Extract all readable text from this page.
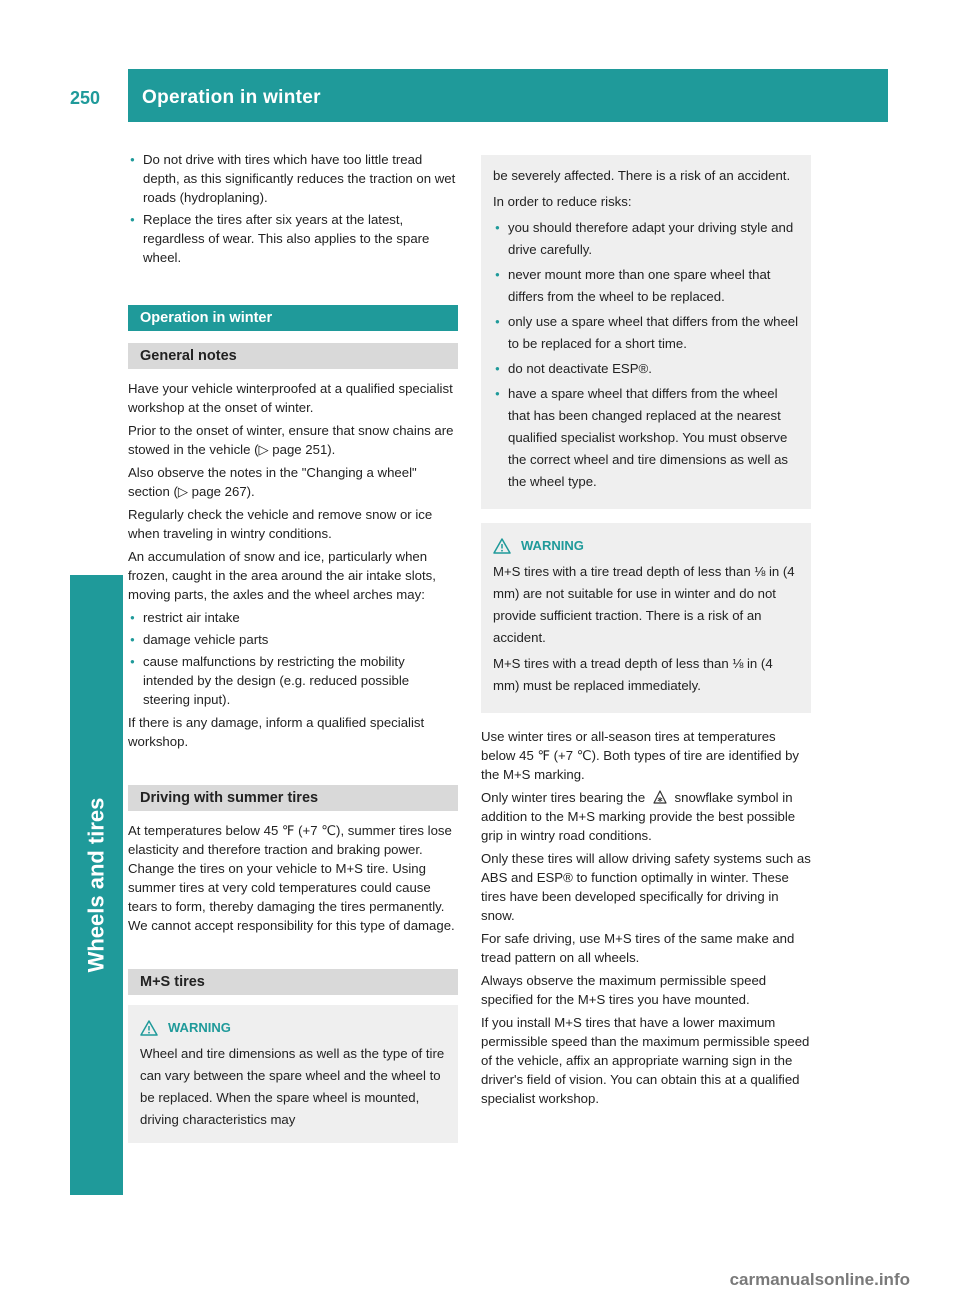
250 Operation in winter
Wheels and tires
● Do not drive with tires which have too little tread depth, as this significantly reduces the traction on wet roads (hydroplaning).
● Replace the tires after six years at the latest, regardless of wear. This also applies to the spare wheel.
Operation in winter
General notes

Have your vehicle winterproofed at a qualified specialist workshop at the onset of winter.

Prior to the onset of winter, ensure that snow chains are stowed in the vehicle (▷ page 251).

Also observe the notes in the "Changing a wheel" section (▷ page 267).

Regularly check the vehicle and remove snow or ice when traveling in wintry conditions.

An accumulation of snow and ice, particularly when frozen, caught in the area around the air intake slots, moving parts, the axles and the wheel arches may:

● restrict air intake
● damage vehicle parts
● cause malfunctions by restricting the mobility intended by the design (e.g. reduced possible steering input).

If there is any damage, inform a qualified specialist workshop.

Driving with summer tires

At temperatures below 45 ℉ (+7 ℃), summer tires lose elasticity and therefore traction and braking power. Change the tires on your vehicle to M+S tire. Using summer tires at very cold temperatures could cause tears to form, thereby damaging the tires permanently. We cannot accept responsibility for this type of damage.

M+S tires
WARNING
Wheel and tire dimensions as well as the type of tire can vary between the spare wheel and the wheel to be replaced. When the spare wheel is mounted, driving characteristics may

be severely affected. There is a risk of an accident.

In order to reduce risks:

● you should therefore adapt your driving style and drive carefully.
● never mount more than one spare wheel that differs from the wheel to be replaced.
● only use a spare wheel that differs from the wheel to be replaced for a short time.
● do not deactivate ESP®.
● have a spare wheel that differs from the wheel that has been changed replaced at the nearest qualified specialist workshop. You must observe the correct wheel and tire dimensions as well as the wheel type.
WARNING

M+S tires with a tire tread depth of less than ⅛ in (4 mm) are not suitable for use in winter and do not provide sufficient traction. There is a risk of an accident.

M+S tires with a tread depth of less than ⅛ in (4 mm) must be replaced immediately.

Use winter tires or all-season tires at temperatures below 45 ℉ (+7 ℃). Both types of tire are identified by the M+S marking.

Only winter tires bearing the snowflake symbol in addition to the M+S marking provide the best possible grip in wintry road conditions.

Only these tires will allow driving safety systems such as ABS and ESP® to function optimally in winter. These tires have been developed specifically for driving in snow.

For safe driving, use M+S tires of the same make and tread pattern on all wheels.

Always observe the maximum permissible speed specified for the M+S tires you have mounted.

If you install M+S tires that have a lower maximum permissible speed than the maximum permissible speed of the vehicle, affix an appropriate warning sign in the driver's field of vision. You can obtain this at a qualified specialist workshop.

carmanualsonline.info
